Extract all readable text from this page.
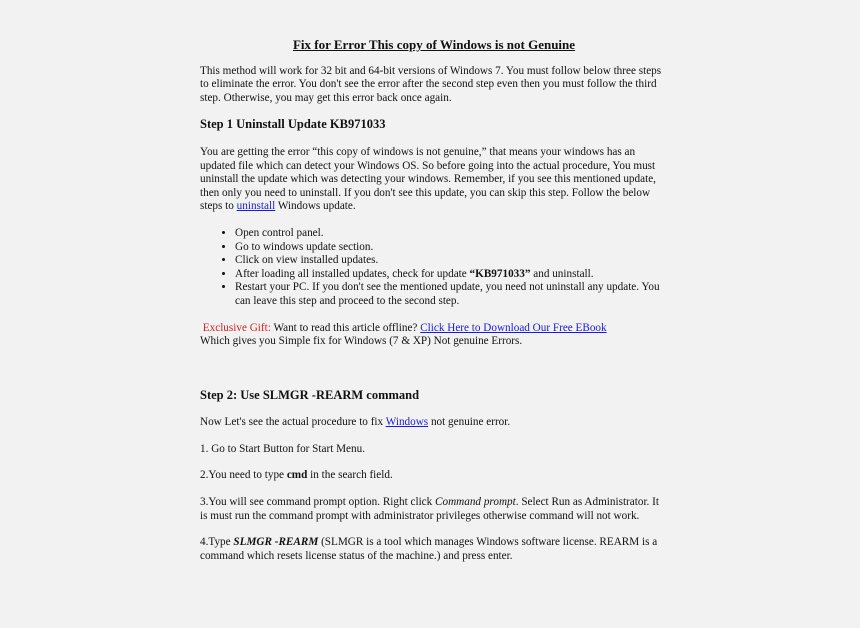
Fix for Error This copy of Windows is not Genuine

This method will work for 32 bit and 64-bit versions of Windows 7. You must follow below three steps to eliminate the error. You don't see the error after the second step even then you must follow the third step. Otherwise, you may get this error back once again.

Step 1 Uninstall Update KB971033

You are getting the error “this copy of windows is not genuine,” that means your windows has an updated file which can detect your Windows OS. So before going into the actual procedure, You must uninstall the update which was detecting your windows. Remember, if you see this mentioned update, then only you need to uninstall. If you don't see this update, you can skip this step. Follow the below steps to uninstall Windows update.

• Open control panel.
• Go to windows update section.
• Click on view installed updates.
• After loading all installed updates, check for update “KB971033” and uninstall.
• Restart your PC. If you don't see the mentioned update, you need not uninstall any update. You can leave this step and proceed to the second step.

Exclusive Gift: Want to read this article offline? Click Here to Download Our Free EBook

Which gives you Simple fix for Windows (7 & XP) Not genuine Errors.

Step 2: Use SLMGR -REARM command

Now Let's see the actual procedure to fix Windows not genuine error.

1. Go to Start Button for Start Menu.

2.You need to type cmd in the search field.

3.You will see command prompt option. Right click Command prompt. Select Run as Administrator. It is must run the command prompt with administrator privileges otherwise command will not work.

4.Type SLMGR -REARM (SLMGR is a tool which manages Windows software license. REARM is a command which resets license status of the machine.) and press enter.
